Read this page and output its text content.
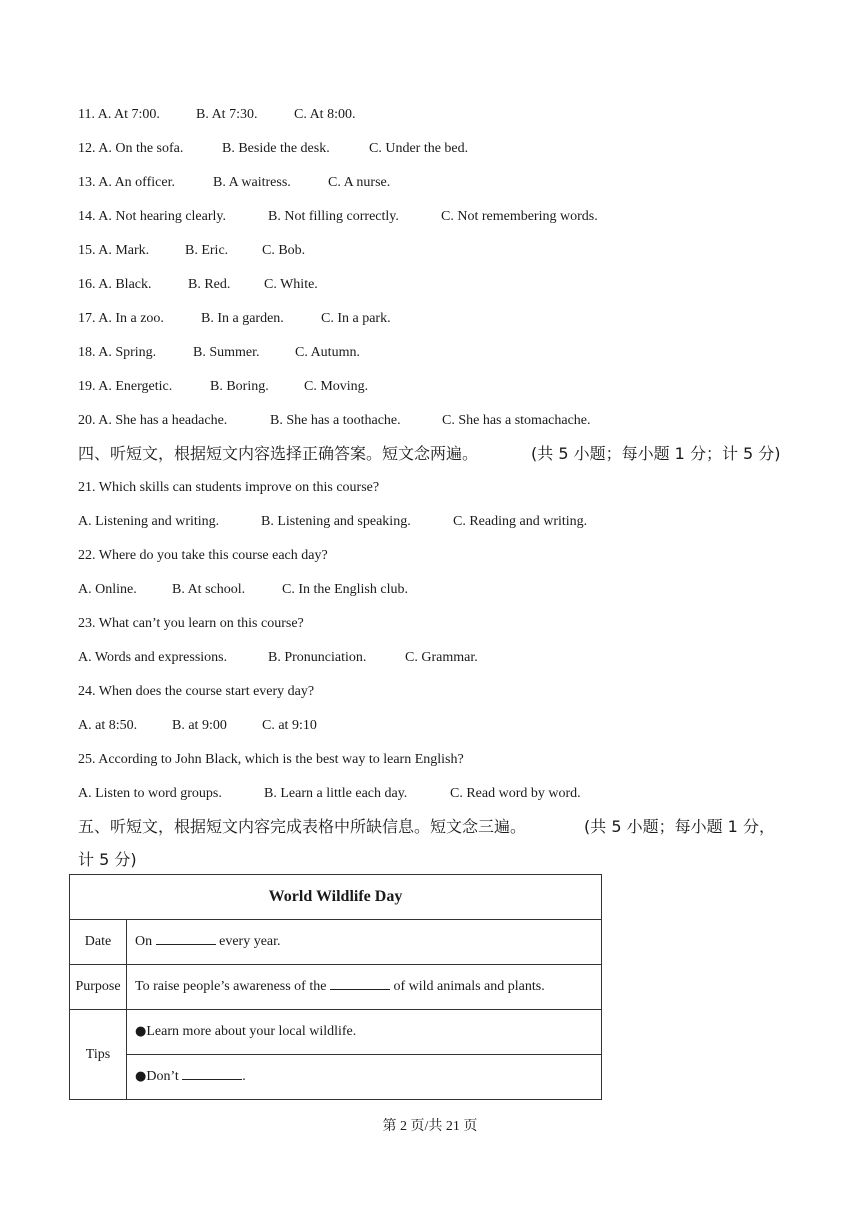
11. A. At 7:00.	B. At 7:30.	C. At 8:00.
12. A. On the sofa.	B. Beside the desk.	C. Under the bed.
13. A. An officer.	B. A waitress.	C. A nurse.
14. A. Not hearing clearly.	B. Not filling correctly.	C. Not remembering words.
15. A. Mark.	B. Eric. C. Bob.
16. A. Black.	B. Red. C. White.
17. A. In a zoo.	B. In a garden.	C. In a park.
18. A. Spring.	B. Summer.	C. Autumn.
19. A. Energetic.	B. Boring.	C. Moving.
20. A. She has a headache.	B. She has a toothache.	C. She has a stomachache.
四、听短文，根据短文内容选择正确答案。短文念两遍。	(共 5 小题；每小题 1 分；计 5 分)
21. Which skills can students improve on this course?
A. Listening and writing.	B. Listening and speaking.	C. Reading and writing.
22. Where do you take this course each day?
A. Online.	B. At school.	C. In the English club.
23. What can’t you learn on this course?
A. Words and expressions.	B. Pronunciation.	C. Grammar.
24. When does the course start every day?
A. at 8:50. B. at 9:00	C. at 9:10
25. According to John Black, which is the best way to learn English?
A. Listen to word groups.	B. Learn a little each day.	C. Read word by word.
五、听短文，根据短文内容完成表格中所缺信息。短文念三遍。	(共 5 小题；每小题 1 分，
计 5 分)
World Wildlife Day	
Date	On every year.
Purpose	To raise people’s awareness of the of wild animals and plants.
Tips	●Learn more about your local wildlife.
	●Don’t .
第 2 页/共 21 页
